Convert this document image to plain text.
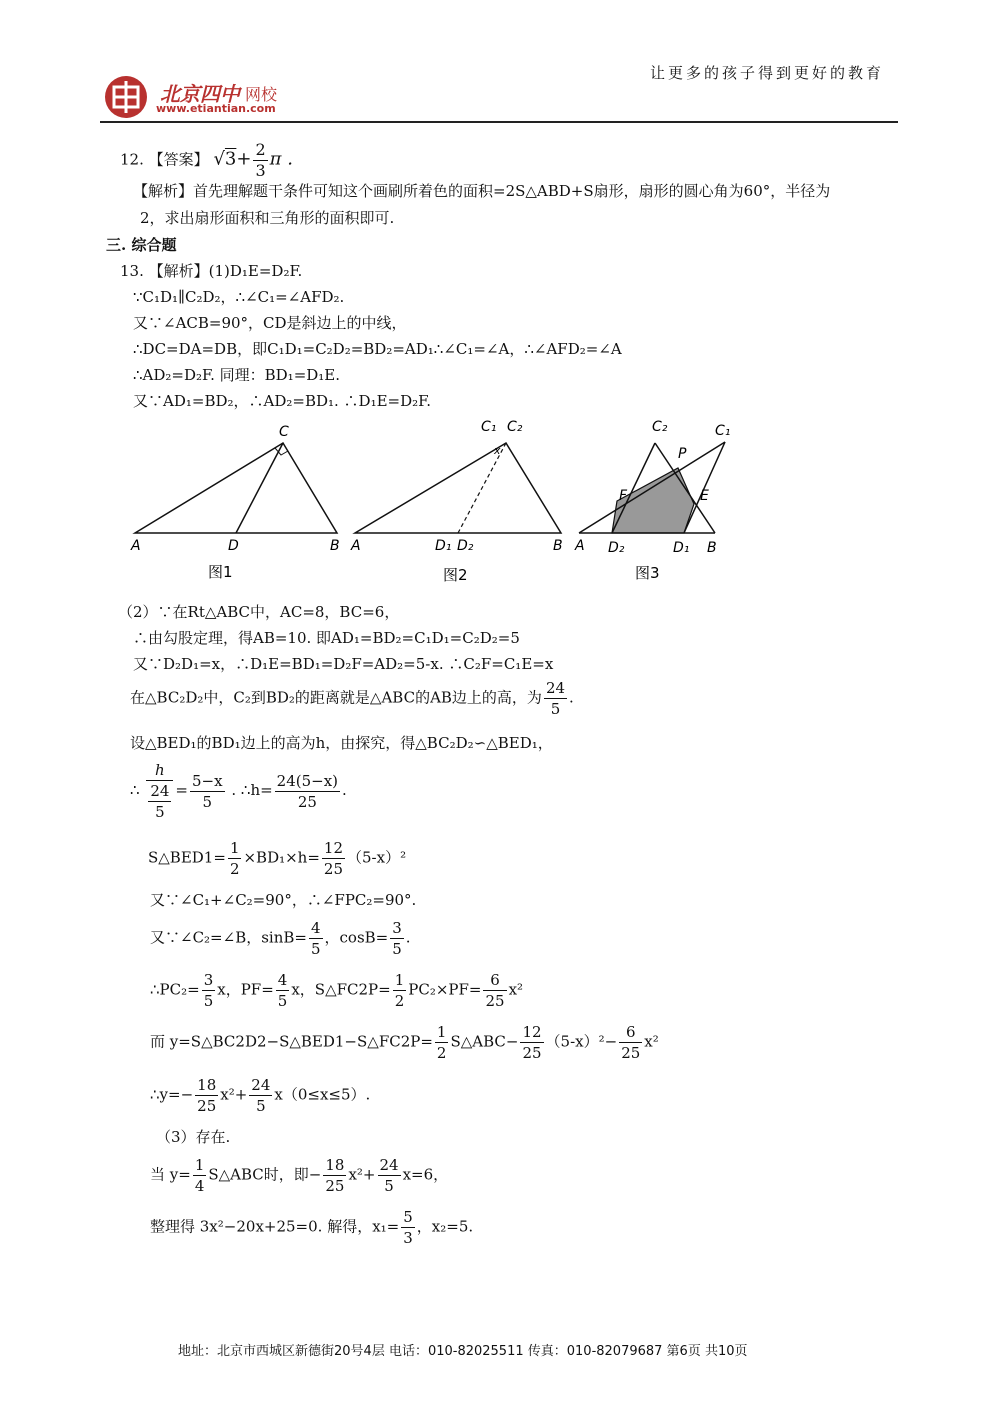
北京四中 网校
www.etiantian.com
让更多的孩子得到更好的教育
12. 【答案】 $√3+ \frac{2}{3}$ π .
【解析】首先理解题干条件可知这个画刷所着色的面积=2S△ABD+S扇形，扇形的圆心角为60°，半径为
2，求出扇形面积和三角形的面积即可.
三. 综合题
13. 【解析】(1)D₁E=D₂F.
∵C₁D₁∥C₂D₂，∴∠C₁=∠AFD₂.
又∵∠ACB=90°，CD是斜边上的中线，
∴DC=DA=DB，即C₁D₁=C₂D₂=BD₂=AD₁∴∠C₁=∠A，∴∠AFD₂=∠A
∴AD₂=D₂F. 同理：BD₁=D₁E.
又∵AD₁=BD₂，∴AD₂=BD₁. ∴D₁E=D₂F.
A	D	B
C
图1
A	D₁ D₂	B
C₁ C₂
x
图2
A D₂	D₁ B
C₂	C₁
P
E
F
图3
（2）∵在Rt△ABC中，AC=8，BC=6，
∴由勾股定理，得AB=10. 即AD₁=BD₂=C₁D₁=C₂D₂=5
又∵D₂D₁=x，∴D₁E=BD₁=D₂F=AD₂=5-x. ∴C₂F=C₁E=x
在△BC₂D₂中，C₂到BD₂的距离就是△ABC的AB边上的高，为 $\frac{24}{5}$ .
设△BED₁的BD₁边上的高为h，由探究，得△BC₂D₂∽△BED₁，
∴ $\frac{h}{\frac{24}{5}} = \frac{5-x}{5}$ . ∴h= $\frac{24(5-x)}{25}$ .
S△BED1= $\frac{1}{2} \times BD_1\times h= \frac{12}{25} (5-x)^2$
又∵∠C₁+∠C₂=90°，∴∠FPC₂=90°.
又∵∠C₂=∠B，$\sin B= \frac{4}{5}$ ，$\cos B= \frac{3}{5}$ .
∴PC₂= $\frac{3}{5}$ x，$PF= \frac{4}{5}$ x，S△FC2P= $\frac{1}{2} PC_2\times PF= \frac{6}{25} x^2$
而 y=S△BC2D2−S△BED1−S△FC2P= $\frac{1}{2}$ S△ABC− $\frac{12}{25} (5-x)^2- \frac{6}{25} x^2$
∴y=− $\frac{18}{25} x^2+ \frac{24}{5} x(0\le x\le 5)$.
（3）存在.
当 $y= \frac{1}{4}$ S△ABC时，即− $\frac{18}{25} x^2+ \frac{24}{5} x=6$，
整理得 3x²−20x+25=0. 解得，$x_1= \frac{5}{3}$ ，x₂=5.
地址：北京市西城区新德街20号4层 电话：010-82025511 传真：010-82079687 第6页 共10页
